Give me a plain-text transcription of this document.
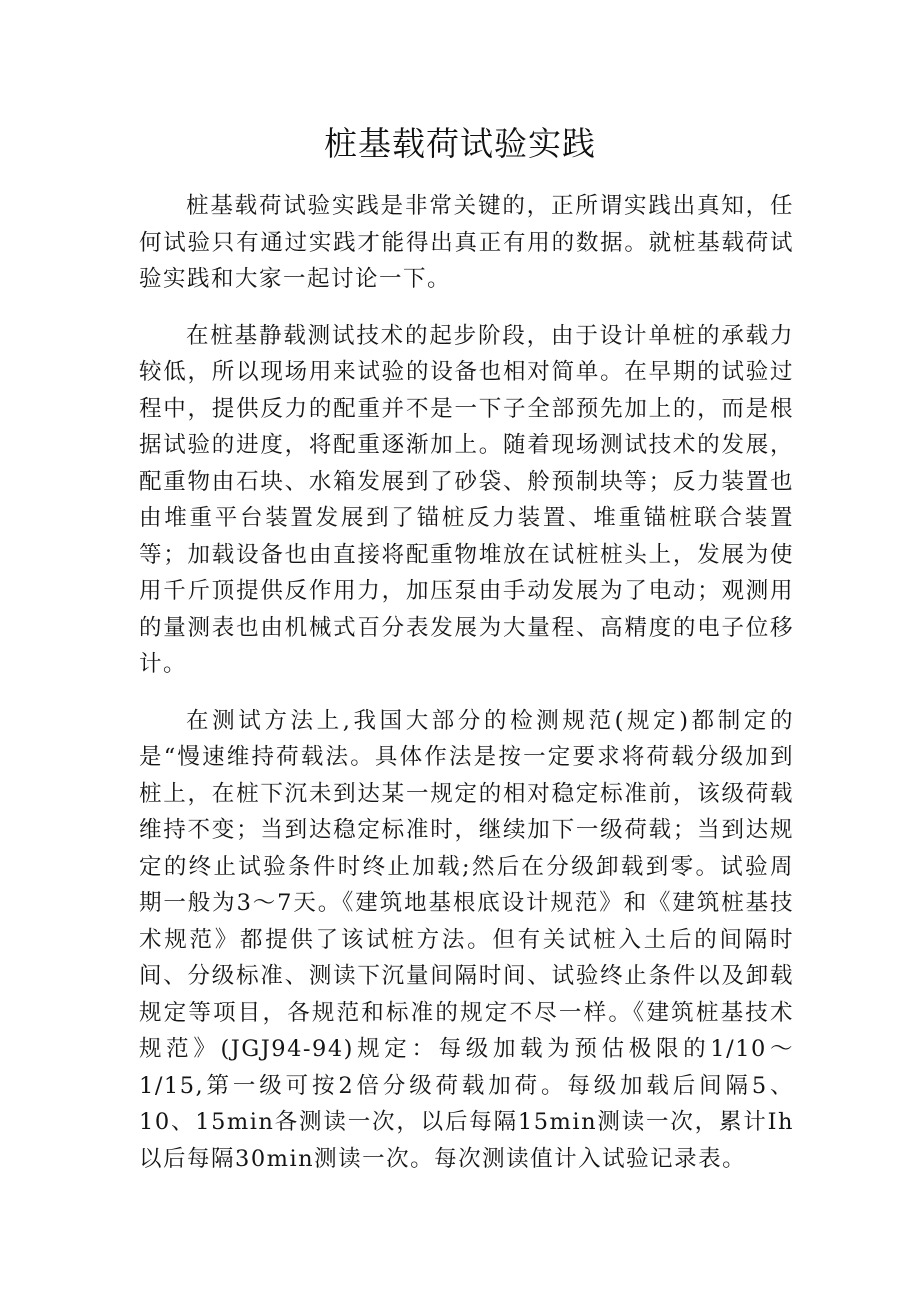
桩基载荷试验实践

桩基载荷试验实践是非常关键的，正所谓实践出真知，任何试验只有通过实践才能得出真正有用的数据。就桩基载荷试验实践和大家一起讨论一下。

在桩基静载测试技术的起步阶段，由于设计单桩的承载力较低，所以现场用来试验的设备也相对简单。在早期的试验过程中，提供反力的配重并不是一下子全部预先加上的，而是根据试验的进度，将配重逐渐加上。随着现场测试技术的发展，配重物由石块、水箱发展到了砂袋、舲预制块等；反力装置也由堆重平台装置发展到了锚桩反力装置、堆重锚桩联合装置等；加载设备也由直接将配重物堆放在试桩桩头上，发展为使用千斤顶提供反作用力，加压泵由手动发展为了电动；观测用的量测表也由机械式百分表发展为大量程、高精度的电子位移计。

在测试方法上,我国大部分的检测规范(规定)都制定的是“慢速维持荷载法。具体作法是按一定要求将荷载分级加到桩上，在桩下沉未到达某一规定的相对稳定标准前，该级荷载维持不变；当到达稳定标准时，继续加下一级荷载；当到达规定的终止试验条件时终止加载;然后在分级卸载到零。试验周期一般为3～7天。《建筑地基根底设计规范》和《建筑桩基技术规范》都提供了该试桩方法。但有关试桩入土后的间隔时间、分级标准、测读下沉量间隔时间、试验终止条件以及卸载规定等项目，各规范和标准的规定不尽一样。《建筑桩基技术规范》(JGJ94-94)规定：每级加载为预估极限的1/10～1/15,第一级可按2倍分级荷载加荷。每级加载后间隔5、10、15min各测读一次，以后每隔15min测读一次，累计Ih以后每隔30min测读一次。每次测读值计入试验记录表。
